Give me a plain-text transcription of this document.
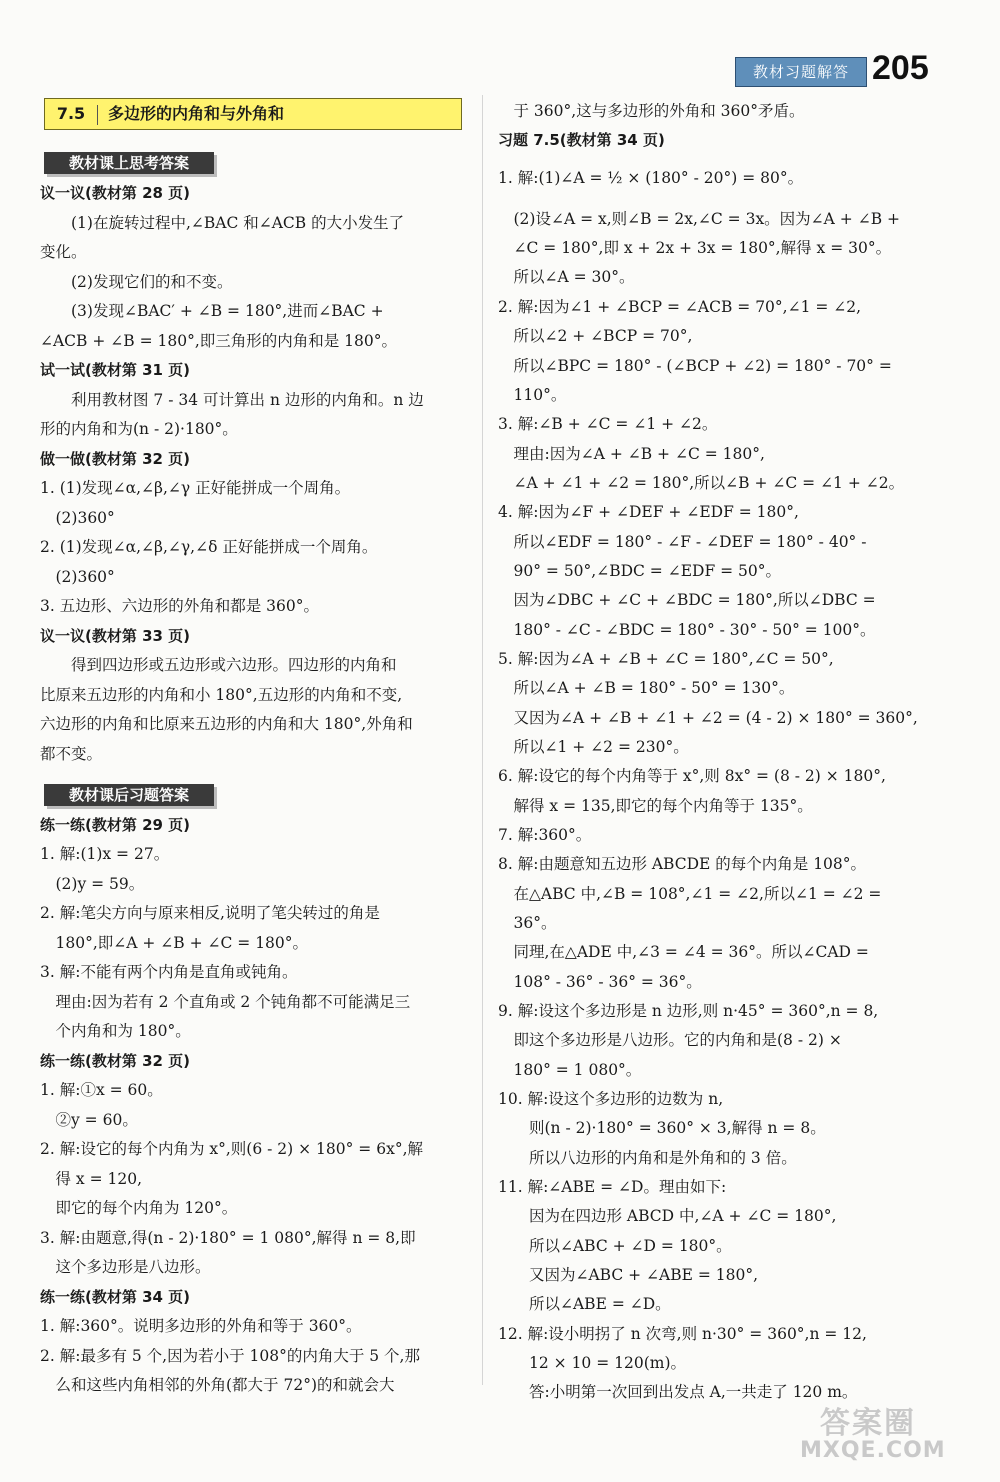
教材习题解答 205
7.5 多边形的内角和与外角和
教材课上思考答案
教材课后习题答案
议一议(教材第 28 页)
　　(1)在旋转过程中,∠BAC 和∠ACB 的大小发生了
变化。
　　(2)发现它们的和不变。
　　(3)发现∠BAC′ + ∠B = 180°,进而∠BAC +
∠ACB + ∠B = 180°,即三角形的内角和是 180°。
试一试(教材第 31 页)
　　利用教材图 7 - 34 可计算出 n 边形的内角和。n 边
形的内角和为(n - 2)·180°。
做一做(教材第 32 页)
1. (1)发现∠α,∠β,∠γ 正好能拼成一个周角。
　(2)360°
2. (1)发现∠α,∠β,∠γ,∠δ 正好能拼成一个周角。
　(2)360°
3. 五边形、六边形的外角和都是 360°。
议一议(教材第 33 页)
　　得到四边形或五边形或六边形。四边形的内角和
比原来五边形的内角和小 180°,五边形的内角和不变,
六边形的内角和比原来五边形的内角和大 180°,外角和
都不变。
练一练(教材第 29 页)
1. 解:(1)x = 27。
　(2)y = 59。
2. 解:笔尖方向与原来相反,说明了笔尖转过的角是
　180°,即∠A + ∠B + ∠C = 180°。
3. 解:不能有两个内角是直角或钝角。
　理由:因为若有 2 个直角或 2 个钝角都不可能满足三
　个内角和为 180°。
练一练(教材第 32 页)
1. 解:①x = 60。
　②y = 60。
2. 解:设它的每个内角为 x°,则(6 - 2) × 180° = 6x°,解
　得 x = 120,
　即它的每个内角为 120°。
3. 解:由题意,得(n - 2)·180° = 1 080°,解得 n = 8,即
　这个多边形是八边形。
练一练(教材第 34 页)
1. 解:360°。说明多边形的外角和等于 360°。
2. 解:最多有 5 个,因为若小于 108°的内角大于 5 个,那
　么和这些内角相邻的外角(都大于 72°)的和就会大
　于 360°,这与多边形的外角和 360°矛盾。
习题 7.5(教材第 34 页)
1. 解:(1)∠A = ½ × (180° - 20°) = 80°。
　(2)设∠A = x,则∠B = 2x,∠C = 3x。因为∠A + ∠B +
　∠C = 180°,即 x + 2x + 3x = 180°,解得 x = 30°。
　所以∠A = 30°。
2. 解:因为∠1 + ∠BCP = ∠ACB = 70°,∠1 = ∠2,
　所以∠2 + ∠BCP = 70°,
　所以∠BPC = 180° - (∠BCP + ∠2) = 180° - 70° =
　110°。
3. 解:∠B + ∠C = ∠1 + ∠2。
　理由:因为∠A + ∠B + ∠C = 180°,
　∠A + ∠1 + ∠2 = 180°,所以∠B + ∠C = ∠1 + ∠2。
4. 解:因为∠F + ∠DEF + ∠EDF = 180°,
　所以∠EDF = 180° - ∠F - ∠DEF = 180° - 40° -
　90° = 50°,∠BDC = ∠EDF = 50°。
　因为∠DBC + ∠C + ∠BDC = 180°,所以∠DBC =
　180° - ∠C - ∠BDC = 180° - 30° - 50° = 100°。
5. 解:因为∠A + ∠B + ∠C = 180°,∠C = 50°,
　所以∠A + ∠B = 180° - 50° = 130°。
　又因为∠A + ∠B + ∠1 + ∠2 = (4 - 2) × 180° = 360°,
　所以∠1 + ∠2 = 230°。
6. 解:设它的每个内角等于 x°,则 8x° = (8 - 2) × 180°,
　解得 x = 135,即它的每个内角等于 135°。
7. 解:360°。
8. 解:由题意知五边形 ABCDE 的每个内角是 108°。
　在△ABC 中,∠B = 108°,∠1 = ∠2,所以∠1 = ∠2 =
　36°。
　同理,在△ADE 中,∠3 = ∠4 = 36°。所以∠CAD =
　108° - 36° - 36° = 36°。
9. 解:设这个多边形是 n 边形,则 n·45° = 360°,n = 8,
　即这个多边形是八边形。它的内角和是(8 - 2) ×
　180° = 1 080°。
10. 解:设这个多边形的边数为 n,
　　则(n - 2)·180° = 360° × 3,解得 n = 8。
　　所以八边形的内角和是外角和的 3 倍。
11. 解:∠ABE = ∠D。理由如下:
　　因为在四边形 ABCD 中,∠A + ∠C = 180°,
　　所以∠ABC + ∠D = 180°。
　　又因为∠ABC + ∠ABE = 180°,
　　所以∠ABE = ∠D。
12. 解:设小明拐了 n 次弯,则 n·30° = 360°,n = 12,
　　12 × 10 = 120(m)。
　　答:小明第一次回到出发点 A,一共走了 120 m。
答案圈
MXQE.COM
